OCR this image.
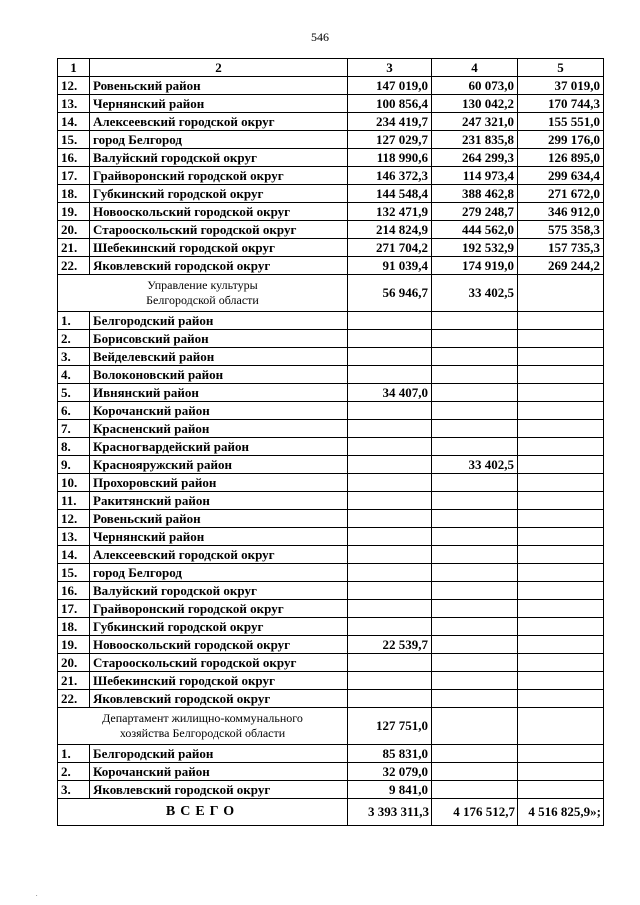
546
1	2	3	4	5
12.	Ровеньский район	147 019,0	60 073,0	37 019,0
13.	Чернянский район	100 856,4	130 042,2	170 744,3
14.	Алексеевский городской округ	234 419,7	247 321,0	155 551,0
15.	город Белгород	127 029,7	231 835,8	299 176,0
16.	Валуйский городской округ	118 990,6	264 299,3	126 895,0
17.	Грайворонский городской округ	146 372,3	114 973,4	299 634,4
18.	Губкинский городской округ	144 548,4	388 462,8	271 672,0
19.	Новооскольский городской округ	132 471,9	279 248,7	346 912,0
20.	Старооскольский городской округ	214 824,9	444 562,0	575 358,3
21.	Шебекинский городской округ	271 704,2	192 532,9	157 735,3
22.	Яковлевский городской округ	91 039,4	174 919,0	269 244,2
Управление культуры
Белгородской области		56 946,7	33 402,5	
1.	Белгородский район			
2.	Борисовский район			
3.	Вейделевский район			
4.	Волоконовский район			
5.	Ивнянский район	34 407,0		
6.	Корочанский район			
7.	Красненский район			
8.	Красногвардейский район			
9.	Краснояружский район		33 402,5	
10.	Прохоровский район			
11.	Ракитянский район			
12.	Ровеньский район			
13.	Чернянский район			
14.	Алексеевский городской округ			
15.	город Белгород			
16.	Валуйский городской округ			
17.	Грайворонский городской округ			
18.	Губкинский городской округ			
19.	Новооскольский городской округ	22 539,7		
20.	Старооскольский городской округ			
21.	Шебекинский городской округ			
22.	Яковлевский городской округ			
Департамент жилищно-коммунального
хозяйства Белгородской области		127 751,0		
1.	Белгородский район	85 831,0		
2.	Корочанский район	32 079,0		
3.	Яковлевский городской округ	9 841,0		
ВСЕГО		3 393 311,3	4 176 512,7	4 516 825,9»;
.
